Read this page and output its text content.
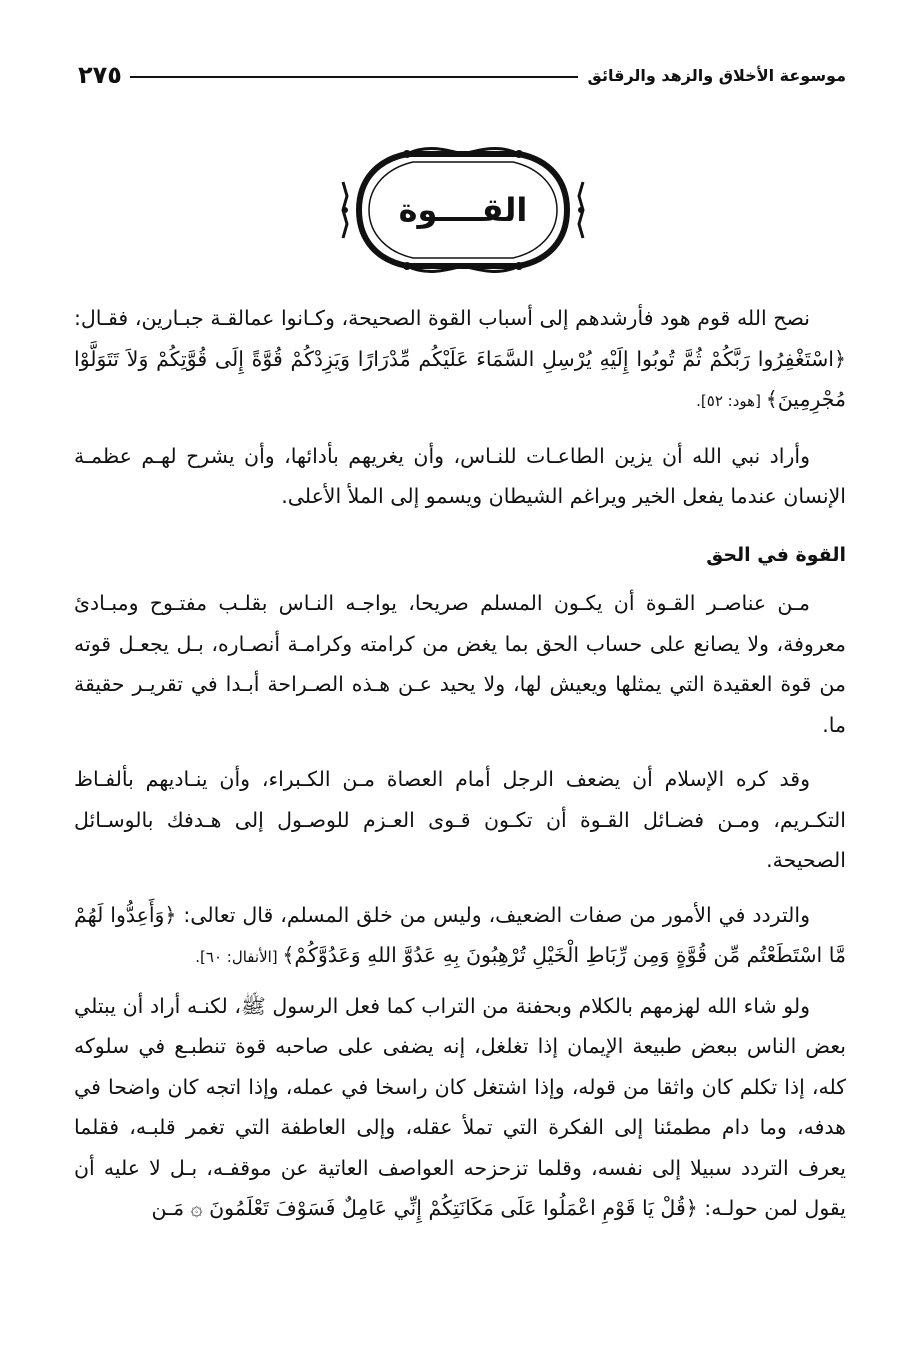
موسوعة الأخلاق والزهد والرقائق
٢٧٥
القــــوة

نصح الله قوم هود فأرشدهم إلى أسباب القوة الصحيحة، وكـانوا عمالقـة جبـارين، فقـال: ﴿اسْتَغْفِرُوا رَبَّكُمْ ثُمَّ تُوبُوا إِلَيْهِ يُرْسِلِ السَّمَاءَ عَلَيْكُم مِّدْرَارًا وَيَزِدْكُمْ قُوَّةً إِلَى قُوَّتِكُمْ وَلاَ تَتَوَلَّوْا مُجْرِمِينَ﴾ [هود: ٥٢].

وأراد نبي الله أن يزين الطاعـات للنـاس، وأن يغريهم بأدائها، وأن يشرح لهـم عظمـة الإنسان عندما يفعل الخير ويراغم الشيطان ويسمو إلى الملأ الأعلى.

القوة في الحق

مـن عناصـر القـوة أن يكـون المسلم صريحا، يواجـه النـاس بقلـب مفتـوح ومبـادئ معروفة، ولا يصانع على حساب الحق بما يغض من كرامته وكرامـة أنصـاره، بـل يجعـل قوته من قوة العقيدة التي يمثلها ويعيش لها، ولا يحيد عـن هـذه الصـراحة أبـدا في تقريـر حقيقة ما.

وقد كره الإسلام أن يضعف الرجل أمام العصاة مـن الكـبراء، وأن ينـاديهم بألفـاظ التكـريم، ومـن فضـائل القـوة أن تكـون قـوى العـزم للوصـول إلى هـدفك بالوسـائل الصحيحة.

والتردد في الأمور من صفات الضعيف، وليس من خلق المسلم، قال تعالى: ﴿وَأَعِدُّوا لَهُمْ مَّا اسْتَطَعْتُم مِّن قُوَّةٍ وَمِن رِّبَاطِ الْخَيْلِ تُرْهِبُونَ بِهِ عَدُوَّ اللهِ وَعَدُوَّكُمْ﴾ [الأنفال: ٦٠].

ولو شاء الله لهزمهم بالكلام وبحفنة من التراب كما فعل الرسول ﷺ، لكنـه أراد أن يبتلي بعض الناس ببعض طبيعة الإيمان إذا تغلغل، إنه يضفى على صاحبه قوة تنطبـع في سلوكه كله، إذا تكلم كان واثقا من قوله، وإذا اشتغل كان راسخا في عمله، وإذا اتجه كان واضحا في هدفه، وما دام مطمئنا إلى الفكرة التي تملأ عقله، وإلى العاطفة التي تغمر قلبـه، فقلما يعرف التردد سبيلا إلى نفسه، وقلما تزحزحه العواصف العاتية عن موقفـه، بـل لا عليه أن يقول لمن حولـه: ﴿قُلْ يَا قَوْمِ اعْمَلُوا عَلَى مَكَانَتِكُمْ إِنِّي عَامِلٌ فَسَوْفَ تَعْلَمُونَ ۞ مَـن
